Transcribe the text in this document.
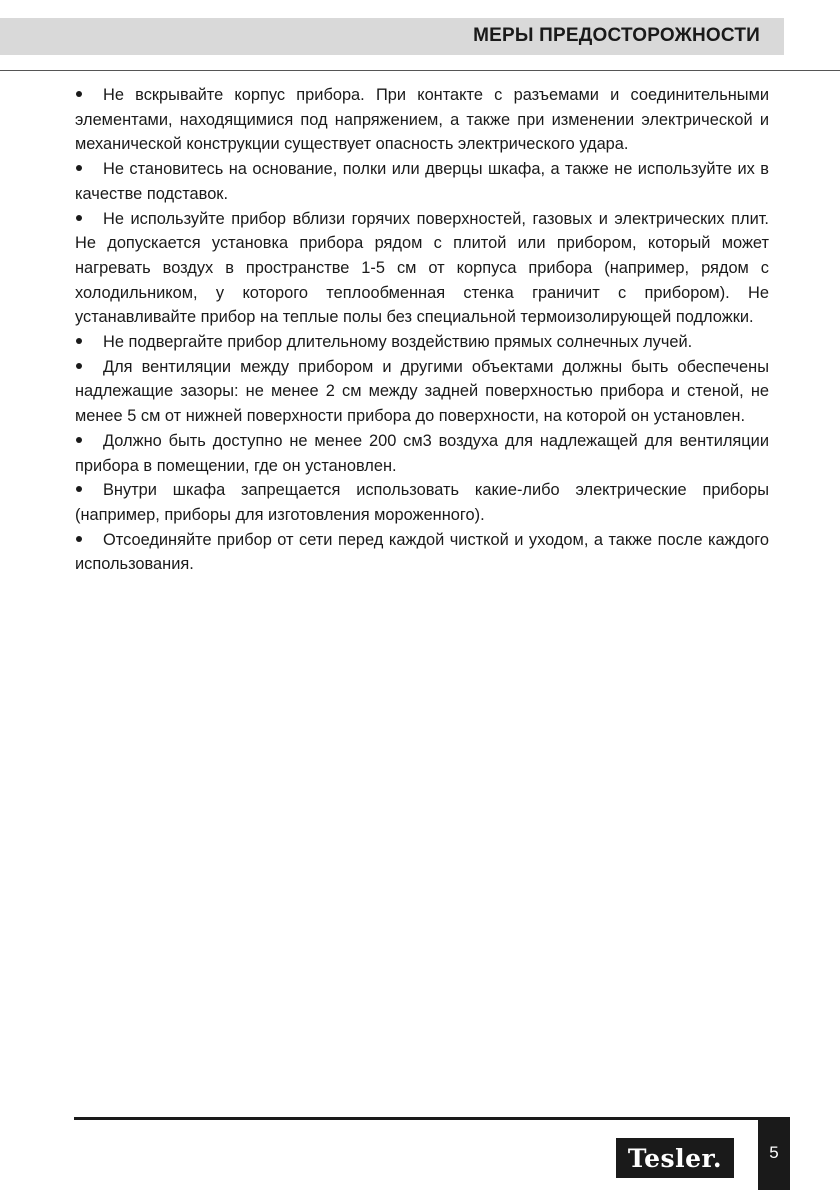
МЕРЫ ПРЕДОСТОРОЖНОСТИ

Не вскрывайте корпус прибора. При контакте с разъемами и соединительными элементами, находящимися под напряжением, а также при изменении электрической и механической конструкции существует опасность электрического удара.

Не становитесь на основание, полки или дверцы шкафа, а также не используйте их в качестве подставок.

Не используйте прибор вблизи горячих поверхностей, газовых и электрических плит. Не допускается установка прибора рядом с плитой или прибором, который может нагревать воздух в пространстве 1-5 см от корпуса прибора (например, рядом с холодильником, у которого теплообменная стенка граничит с прибором). Не устанавливайте прибор на теплые полы без специальной термоизолирующей подложки.

Не подвергайте прибор длительному воздействию прямых солнечных лучей.

Для вентиляции между прибором и другими объектами должны быть обеспечены надлежащие зазоры: не менее 2 см между задней поверхностью прибора и стеной, не менее 5 см от нижней поверхности прибора до поверхности, на которой он установлен.

Должно быть доступно не менее 200 см3 воздуха для надлежащей для вентиляции прибора в помещении, где он установлен.

Внутри шкафа запрещается использовать какие-либо электрические приборы (например, приборы для изготовления мороженного).

Отсоединяйте прибор от сети перед каждой чисткой и уходом, а также после каждого использования.

Tesler.	5
